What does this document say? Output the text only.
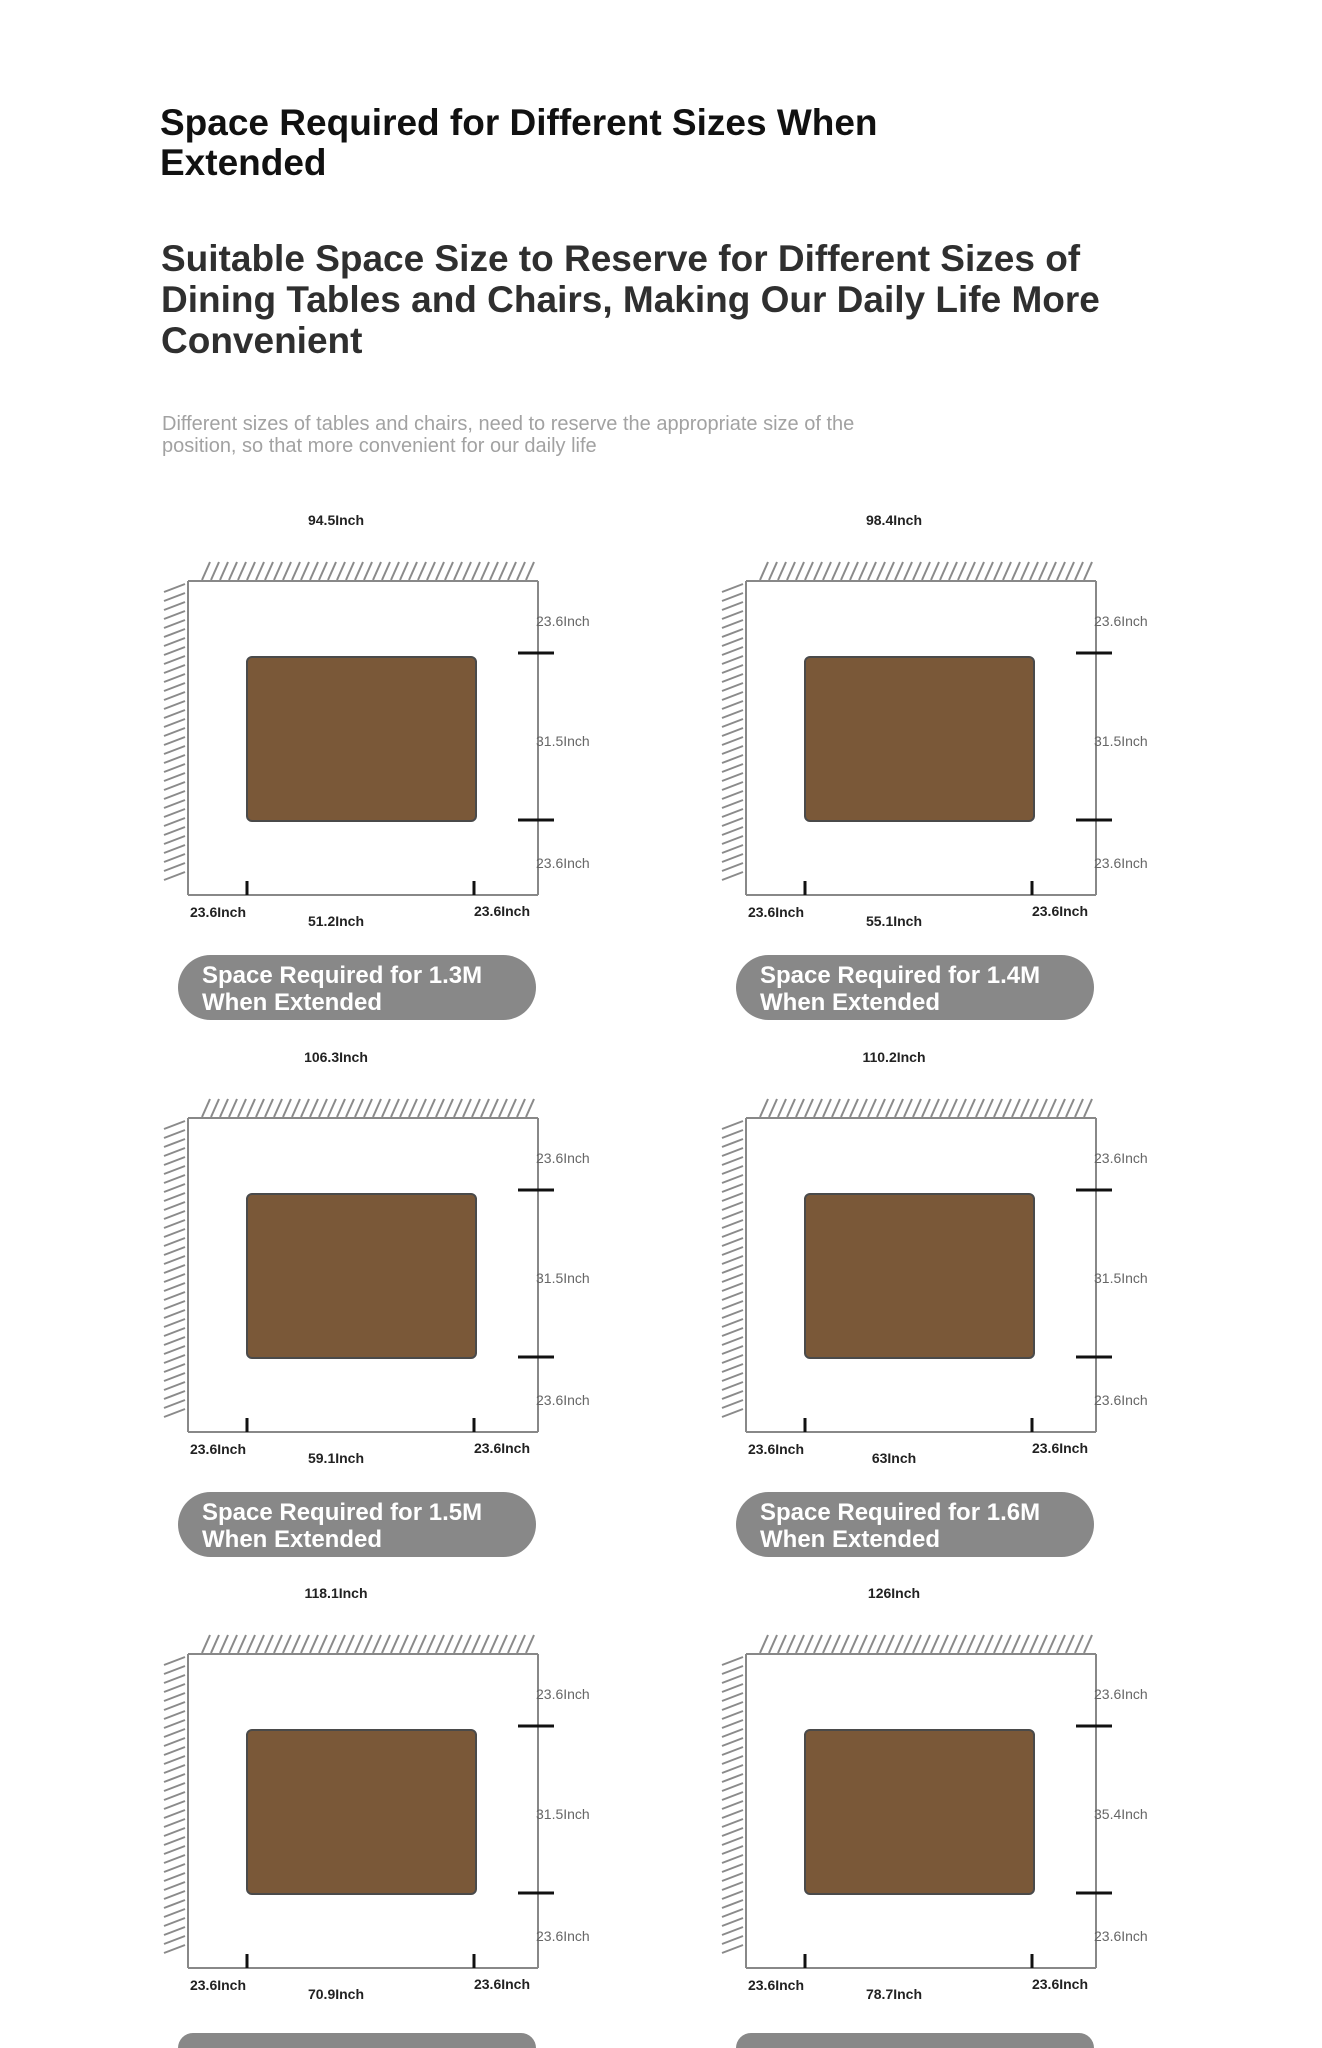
Space Required for Different Sizes When Extended
Suitable Space Size to Reserve for Different Sizes of Dining Tables and Chairs, Making Our Daily Life More Convenient

Different sizes of tables and chairs, need to reserve the appropriate size of the position, so that more convenient for our daily life

94.5Inch
23.6Inch
31.5Inch
23.6Inch
23.6Inch
51.2Inch
23.6Inch
98.4Inch
23.6Inch
31.5Inch
23.6Inch
23.6Inch
55.1Inch
23.6Inch
106.3Inch
23.6Inch
31.5Inch
23.6Inch
23.6Inch
59.1Inch
23.6Inch
110.2Inch
23.6Inch
31.5Inch
23.6Inch
23.6Inch
63Inch
23.6Inch
118.1Inch
23.6Inch
31.5Inch
23.6Inch
23.6Inch
70.9Inch
23.6Inch
126Inch
23.6Inch
35.4Inch
23.6Inch
23.6Inch
78.7Inch
23.6Inch
Space Required for 1.3M When Extended
Space Required for 1.4M When Extended
Space Required for 1.5M When Extended
Space Required for 1.6M When Extended
